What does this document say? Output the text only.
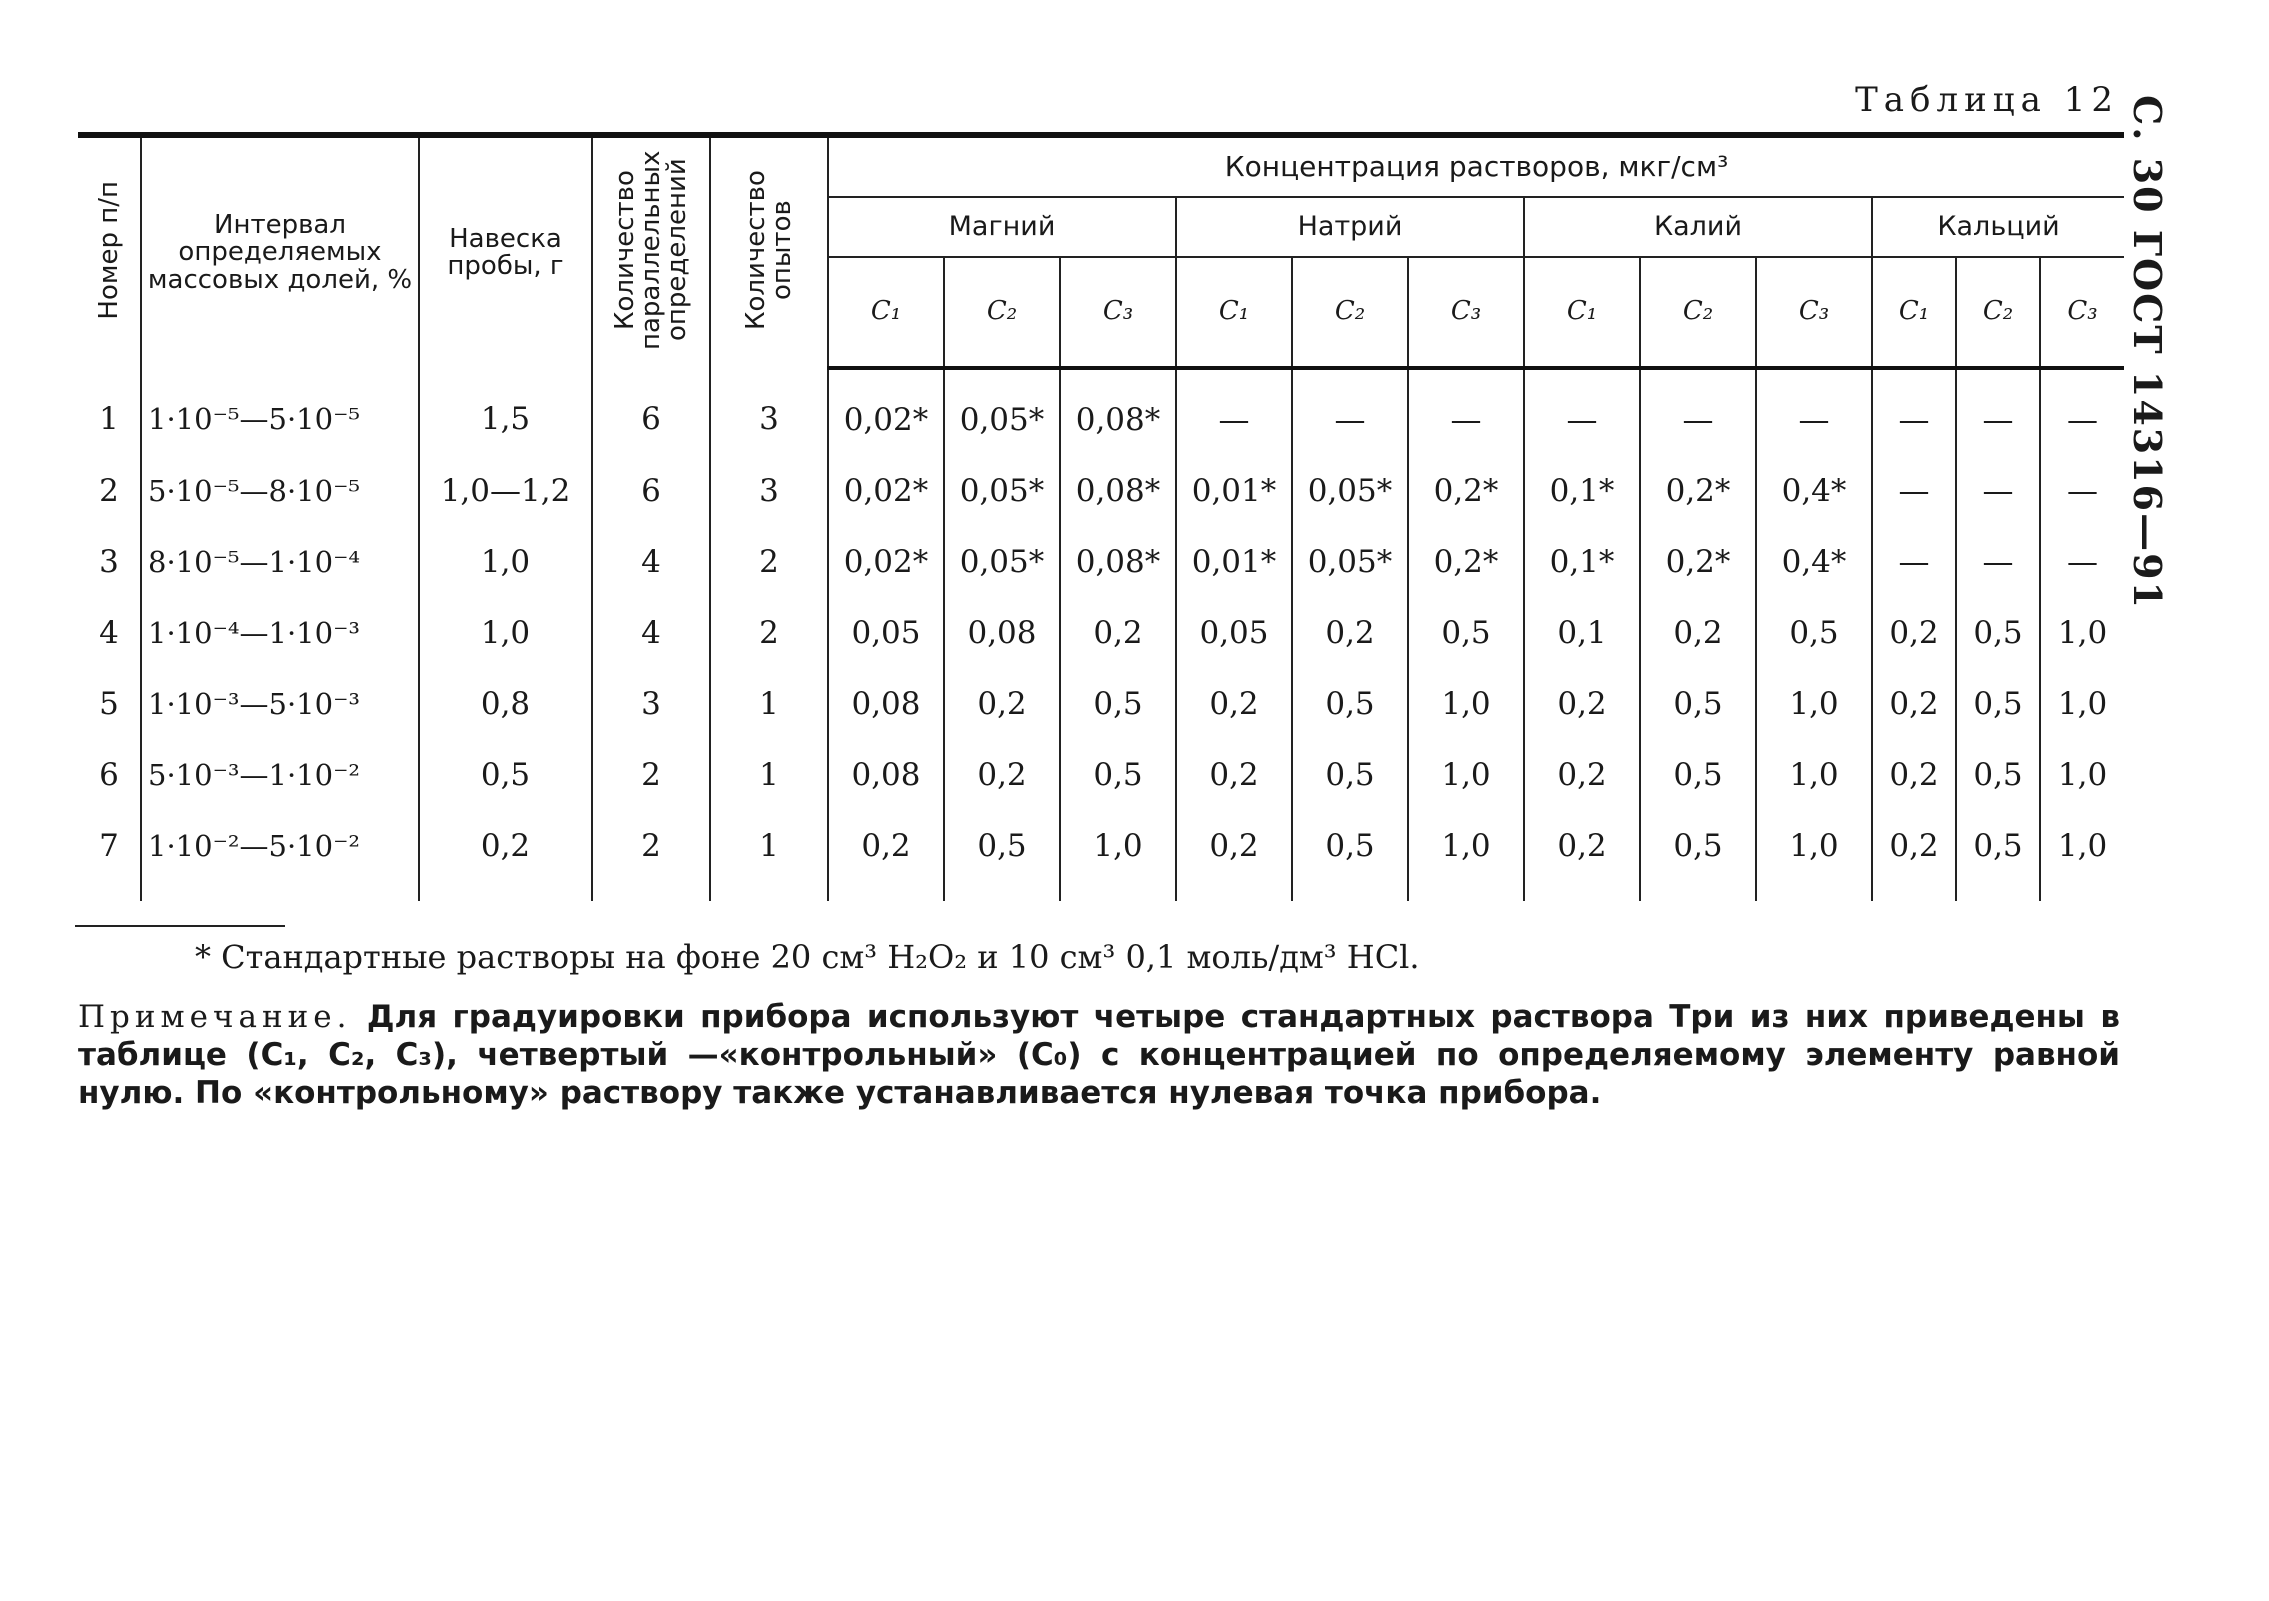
С. 30 ГОСТ 14316—91
Таблица 12
Номер п/п	Интервал определяемых массовых долей, %	Навеска пробы, г	Количество параллельных определений	Количество опытов	Концентрация растворов, мкг/см³											
					Магний			Натрий			Калий			Кальций		
					C₁	C₂	C₃	C₁	C₂	C₃	C₁	C₂	C₃	C₁	C₂	C₃
1	1·10⁻⁵—5·10⁻⁵	1,5	6	3	0,02*	0,05*	0,08*	—	—	—	—	—	—	—	—	—
2	5·10⁻⁵—8·10⁻⁵	1,0—1,2	6	3	0,02*	0,05*	0,08*	0,01*	0,05*	0,2*	0,1*	0,2*	0,4*	—	—	—
3	8·10⁻⁵—1·10⁻⁴	1,0	4	2	0,02*	0,05*	0,08*	0,01*	0,05*	0,2*	0,1*	0,2*	0,4*	—	—	—
4	1·10⁻⁴—1·10⁻³	1,0	4	2	0,05	0,08	0,2	0,05	0,2	0,5	0,1	0,2	0,5	0,2	0,5	1,0
5	1·10⁻³—5·10⁻³	0,8	3	1	0,08	0,2	0,5	0,2	0,5	1,0	0,2	0,5	1,0	0,2	0,5	1,0
6	5·10⁻³—1·10⁻²	0,5	2	1	0,08	0,2	0,5	0,2	0,5	1,0	0,2	0,5	1,0	0,2	0,5	1,0
7	1·10⁻²—5·10⁻²	0,2	2	1	0,2	0,5	1,0	0,2	0,5	1,0	0,2	0,5	1,0	0,2	0,5	1,0
* Стандартные растворы на фоне 20 см³ H₂O₂ и 10 см³ 0,1 моль/дм³ HCl.
Примечание. Для градуировки прибора используют четыре стандартных раствора Три из них приведены в таблице (C₁, C₂, C₃), четвертый —«контрольный» (C₀) с концентрацией по определяемому элементу равной нулю. По «контрольному» раствору также устанавливается нулевая точка прибора.
